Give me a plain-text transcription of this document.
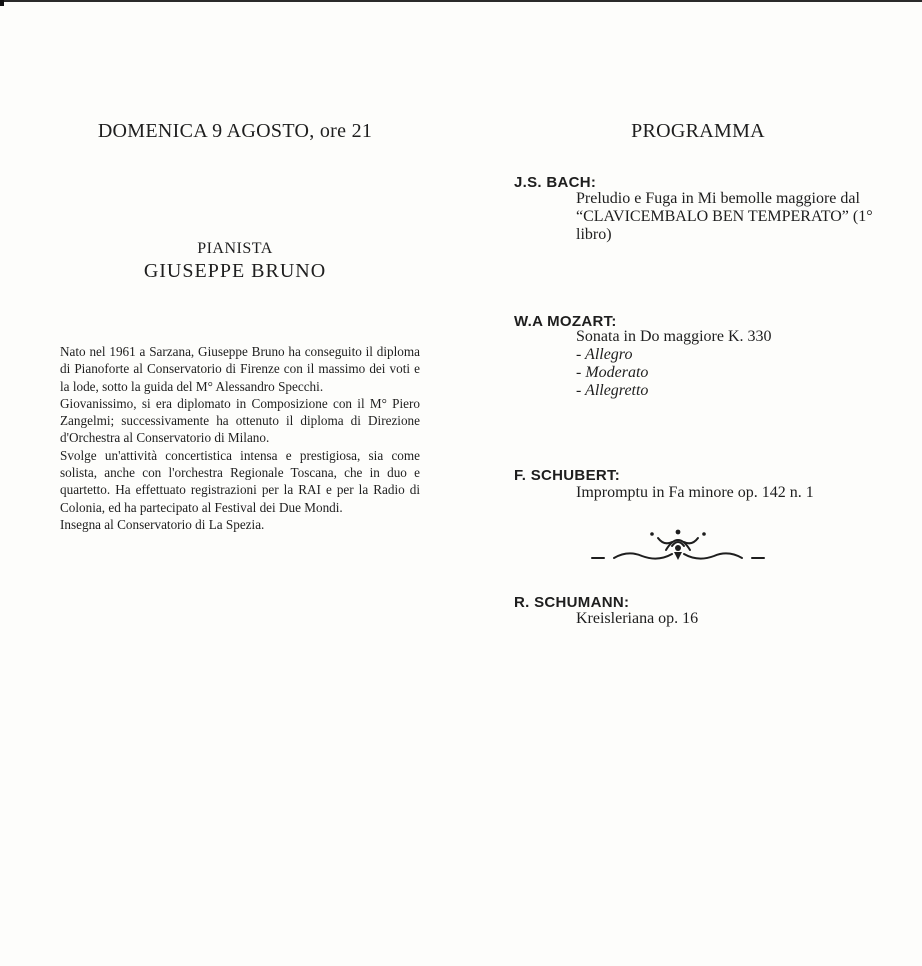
DOMENICA 9 AGOSTO, ore 21
PIANISTA
GIUSEPPE BRUNO

Nato nel 1961 a Sarzana, Giuseppe Bruno ha conseguito il diploma di Pianoforte al Conservatorio di Firenze con il massimo dei voti e la lode, sotto la guida del M° Alessandro Specchi.

Giovanissimo, si era diplomato in Composizione con il M° Piero Zangelmi; successivamente ha ottenuto il diploma di Direzione d'Orchestra al Conservatorio di Milano.

Svolge un'attività concertistica intensa e prestigiosa, sia come solista, anche con l'orchestra Regionale Toscana, che in duo e quartetto. Ha effettuato registrazioni per la RAI e per la Radio di Colonia, ed ha partecipato al Festival dei Due Mondi.

Insegna al Conservatorio di La Spezia.

PROGRAMMA
J.S. BACH:
Preludio e Fuga in Mi bemolle maggiore dal “CLAVICEMBALO BEN TEMPERATO” (1° libro)
W.A MOZART:
Sonata in Do maggiore K. 330
- Allegro
- Moderato
- Allegretto
F. SCHUBERT:
Impromptu in Fa minore op. 142 n. 1
R. SCHUMANN:
Kreisleriana op. 16
